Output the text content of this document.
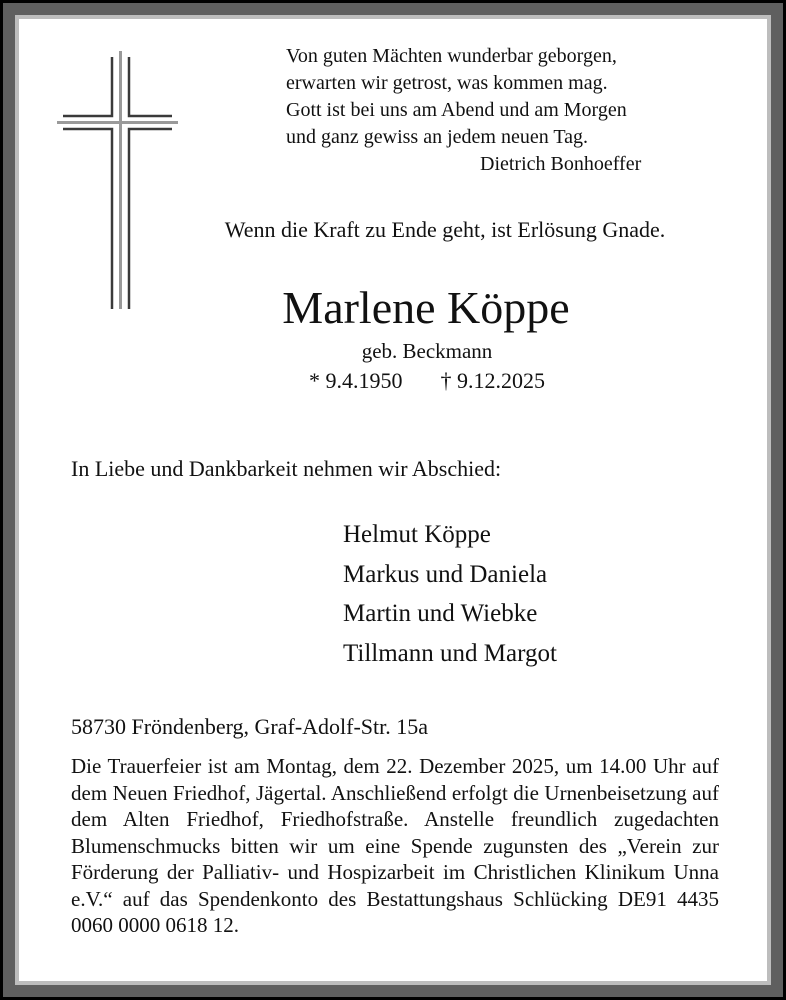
Von guten Mächten wunderbar geborgen,
erwarten wir getrost, was kommen mag.
Gott ist bei uns am Abend und am Morgen
und ganz gewiss an jedem neuen Tag.
Dietrich Bonhoeffer
Wenn die Kraft zu Ende geht, ist Erlösung Gnade.
Marlene Köppe
geb. Beckmann
* 9.4.1950 † 9.12.2025
In Liebe und Dankbarkeit nehmen wir Abschied:
Helmut Köppe
Markus und Daniela
Martin und Wiebke
Tillmann und Margot
58730 Fröndenberg, Graf-Adolf-Str. 15a
Die Trauerfeier ist am Montag, dem 22. Dezember 2025, um 14.00 Uhr auf dem Neuen Friedhof, Jägertal. Anschließend erfolgt die Urnenbeisetzung auf dem Alten Friedhof, Friedhofstraße. Anstelle freundlich zugedachten Blumenschmucks bitten wir um eine Spende zugunsten des „Verein zur Förderung der Palliativ- und Hospizarbeit im Christlichen Klinikum Unna e.V.“ auf das Spendenkonto des Bestattungshaus Schlücking DE91 4435 0060 0000 0618 12.
